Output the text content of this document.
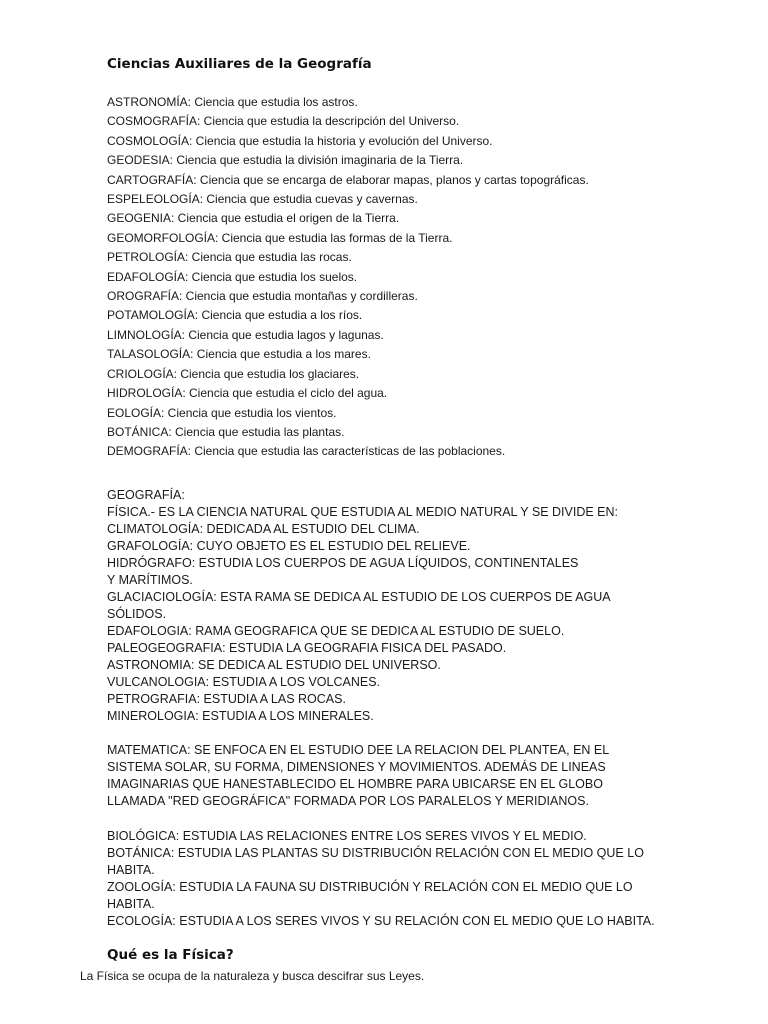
Ciencias Auxiliares de la Geografía
ASTRONOMÍA: Ciencia que estudia los astros.
COSMOGRAFÍA: Ciencia que estudia la descripción del Universo.
COSMOLOGÍA: Ciencia que estudia la historia y evolución del Universo.
GEODESIA: Ciencia que estudia la división imaginaria de la Tierra.
CARTOGRAFÍA: Ciencia que se encarga de elaborar mapas, planos y cartas topográficas.
ESPELEOLOGÍA: Ciencia que estudia cuevas y cavernas.
GEOGENIA: Ciencia que estudia el origen de la Tierra.
GEOMORFOLOGÍA: Ciencia que estudia las formas de la Tierra.
PETROLOGÍA: Ciencia que estudia las rocas.
EDAFOLOGÍA: Ciencia que estudia los suelos.
OROGRAFÍA: Ciencia que estudia montañas y cordilleras.
POTAMOLOGÍA: Ciencia que estudia a los ríos.
LIMNOLOGÍA: Ciencia que estudia lagos y lagunas.
TALASOLOGÍA: Ciencia que estudia a los mares.
CRIOLOGÍA: Ciencia que estudia los glaciares.
HIDROLOGÍA: Ciencia que estudia el ciclo del agua.
EOLOGÍA: Ciencia que estudia los vientos.
BOTÁNICA: Ciencia que estudia las plantas.
DEMOGRAFÍA: Ciencia que estudia las características de las poblaciones.

GEOGRAFÍA:

FÍSICA.- ES LA CIENCIA NATURAL QUE ESTUDIA AL MEDIO NATURAL Y SE DIVIDE EN:

CLIMATOLOGÍA: DEDICADA AL ESTUDIO DEL CLIMA.

GRAFOLOGÍA: CUYO OBJETO ES EL ESTUDIO DEL RELIEVE.

HIDRÓGRAFO: ESTUDIA LOS CUERPOS DE AGUA LÍQUIDOS, CONTINENTALES

Y MARÍTIMOS.

GLACIACIOLOGÍA: ESTA RAMA SE DEDICA AL ESTUDIO DE LOS CUERPOS DE AGUA

SÓLIDOS.

EDAFOLOGIA: RAMA GEOGRAFICA QUE SE DEDICA AL ESTUDIO DE SUELO.

PALEOGEOGRAFIA: ESTUDIA LA GEOGRAFIA FISICA DEL PASADO.

ASTRONOMIA: SE DEDICA AL ESTUDIO DEL UNIVERSO.

VULCANOLOGIA: ESTUDIA A LOS VOLCANES.

PETROGRAFIA: ESTUDIA A LAS ROCAS.

MINEROLOGIA: ESTUDIA A LOS MINERALES.

MATEMATICA: SE ENFOCA EN EL ESTUDIO DEE LA RELACION DEL PLANTEA, EN EL

SISTEMA SOLAR, SU FORMA, DIMENSIONES Y MOVIMIENTOS. ADEMÁS DE LINEAS

IMAGINARIAS QUE HANESTABLECIDO EL HOMBRE PARA UBICARSE EN EL GLOBO

LLAMADA "RED GEOGRÁFICA" FORMADA POR LOS PARALELOS Y MERIDIANOS.

BIOLÓGICA: ESTUDIA LAS RELACIONES ENTRE LOS SERES VIVOS Y EL MEDIO.

BOTÁNICA: ESTUDIA LAS PLANTAS SU DISTRIBUCIÓN RELACIÓN CON EL MEDIO QUE LO

HABITA.

ZOOLOGÍA: ESTUDIA LA FAUNA SU DISTRIBUCIÓN Y RELACIÓN CON EL MEDIO QUE LO

HABITA.

ECOLOGÍA: ESTUDIA A LOS SERES VIVOS Y SU RELACIÓN CON EL MEDIO QUE LO HABITA.

Qué es la Física?
La Física se ocupa de la naturaleza y busca descifrar sus Leyes.
